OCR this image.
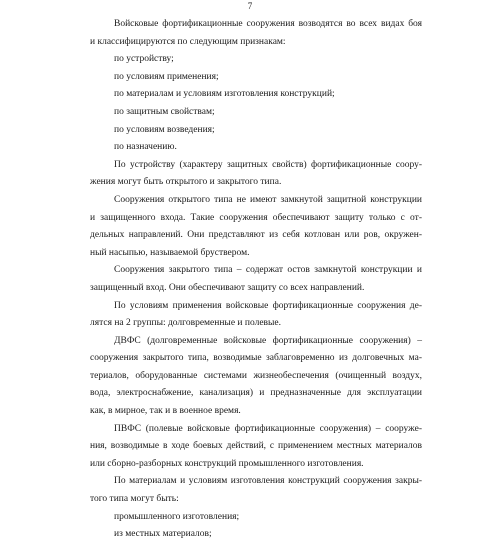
7
Войсковые фортификационные сооружения возводятся во всех видах боя
и классифицируются по следующим признакам:
по устройству;
по условиям применения;
по материалам и условиям изготовления конструкций;
по защитным свойствам;
по условиям возведения;
по назначению.
По устройству (характеру защитных свойств) фортификационные соору-
жения могут быть открытого и закрытого типа.
Сооружения открытого типа не имеют замкнутой защитной конструкции
и защищенного входа. Такие сооружения обеспечивают защиту только с от-
дельных направлений. Они представляют из себя котлован или ров, окружен-
ный насыпью, называемой бруствером.
Сооружения закрытого типа – содержат остов замкнутой конструкции и
защищенный вход. Они обеспечивают защиту со всех направлений.
По условиям применения войсковые фортификационные сооружения де-
лятся на 2 группы: долговременные и полевые.
ДВФС (долговременные войсковые фортификационные сооружения) –
сооружения закрытого типа, возводимые заблаговременно из долговечных ма-
териалов, оборудованные системами жизнеобеспечения (очищенный воздух,
вода, электроснабжение, канализация) и предназначенные для эксплуатации
как, в мирное, так и в военное время.
ПВФС (полевые войсковые фортификационные сооружения) – сооруже-
ния, возводимые в ходе боевых действий, с применением местных материалов
или сборно-разборных конструкций промышленного изготовления.
По материалам и условиям изготовления конструкций сооружения закры-
того типа могут быть:
промышленного изготовления;
из местных материалов;
